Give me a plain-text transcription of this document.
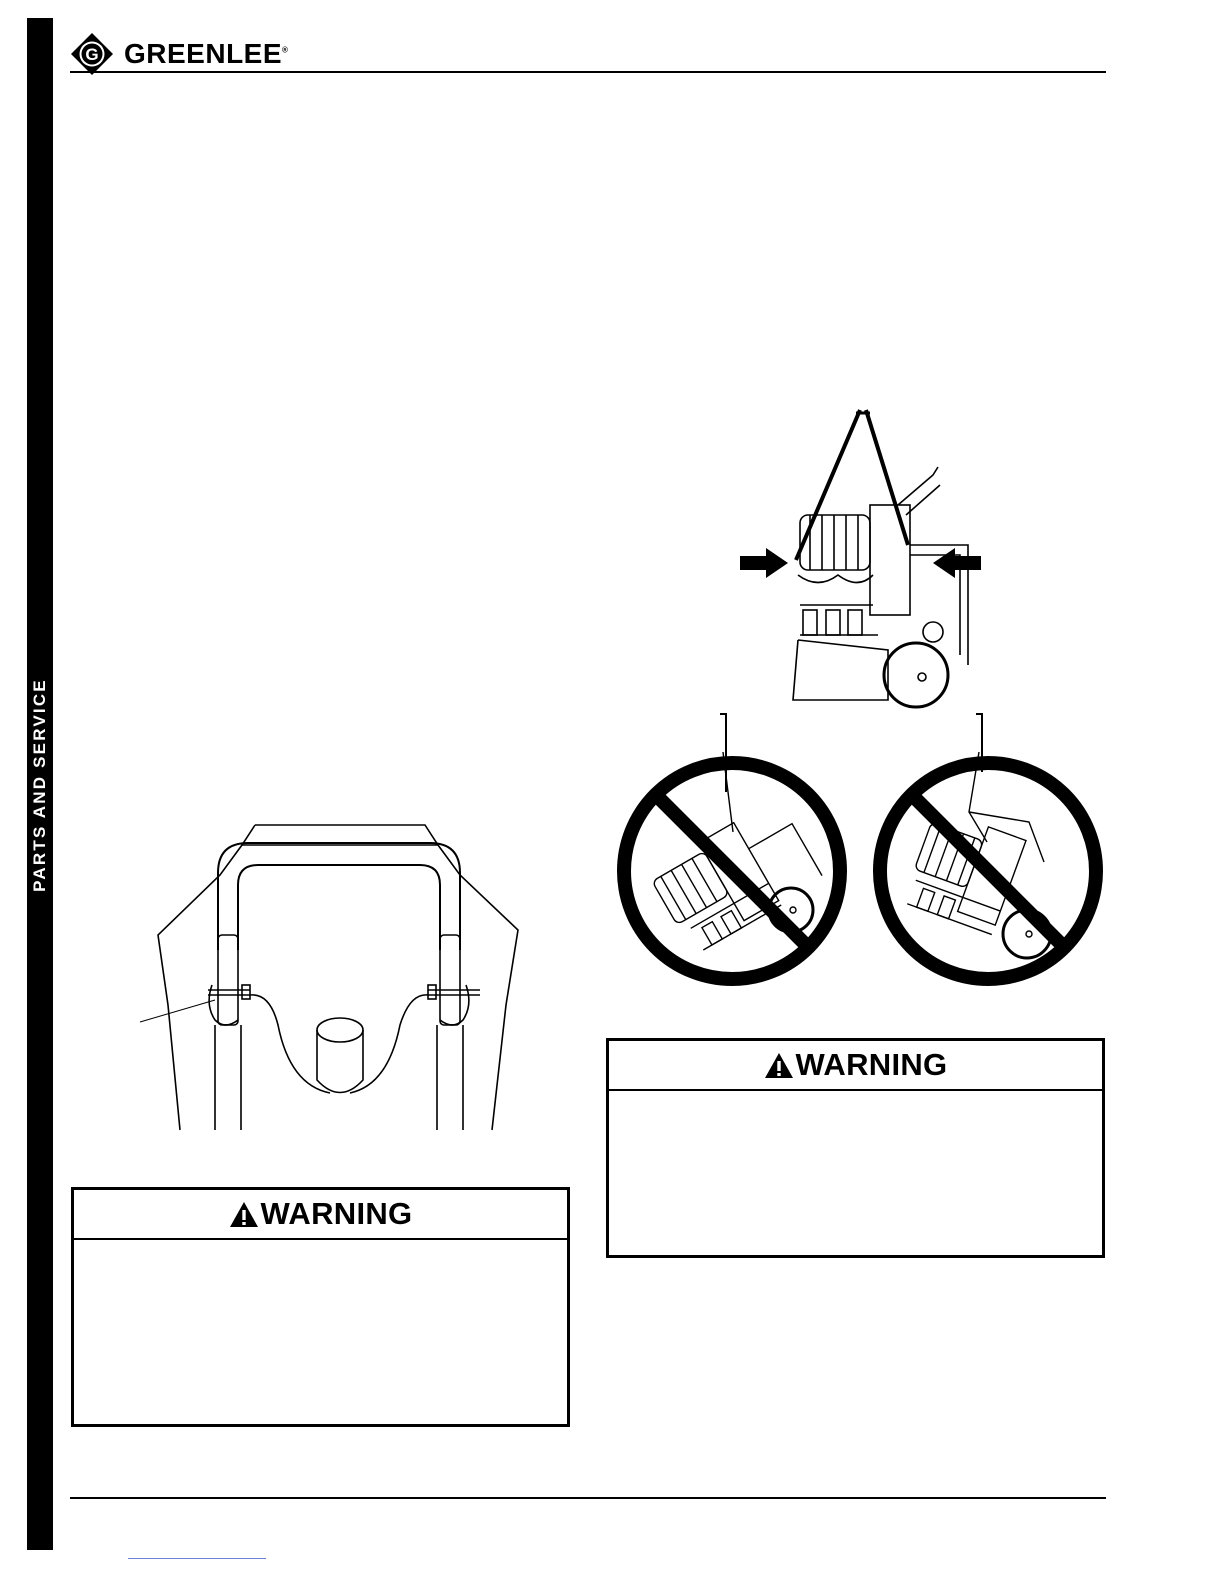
PARTS AND SERVICE
G GREENLEE®
WARNING
WARNING
